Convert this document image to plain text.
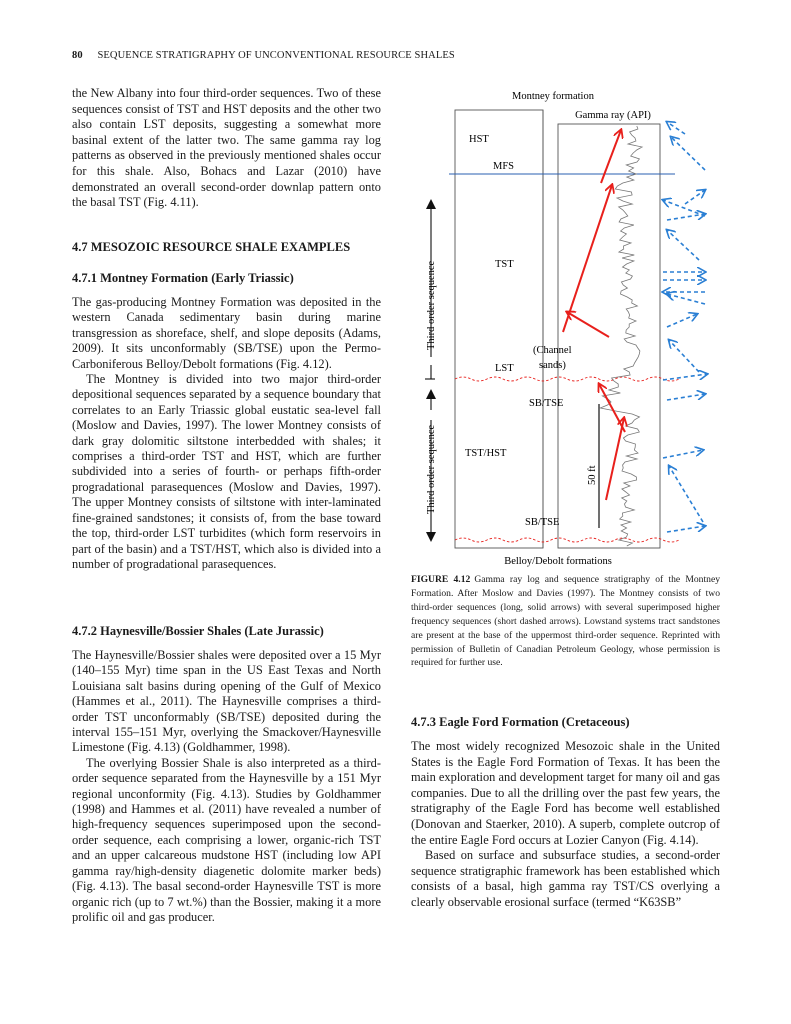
80 SEQUENCE STRATIGRAPHY OF UNCONVENTIONAL RESOURCE SHALES

the New Albany into four third-order sequences. Two of these sequences consist of TST and HST deposits and the other two also contain LST deposits, suggesting a somewhat more basinal extent of the latter two. The same gamma ray log patterns as observed in the previously mentioned shales occur for this shale. Also, Bohacs and Lazar (2010) have demonstrated an overall second-order downlap pattern onto the basal TST (Fig. 4.11).

4.7 MESOZOIC RESOURCE SHALE EXAMPLES
4.7.1 Montney Formation (Early Triassic)

The gas-producing Montney Formation was deposited in the western Canada sedimentary basin during marine transgression as shoreface, shelf, and slope deposits (Adams, 2009). It sits unconformably (SB/TSE) upon the Permo-Carboniferous Belloy/Debolt formations (Fig. 4.12).

The Montney is divided into two major third-order depositional sequences separated by a sequence boundary that correlates to an Early Triassic global eustatic sea-level fall (Moslow and Davies, 1997). The lower Montney consists of dark gray dolomitic siltstone interbedded with shales; it comprises a third-order TST and HST, which are further subdivided into a series of fourth- or perhaps fifth-order progradational parasequences (Moslow and Davies, 1997). The upper Montney consists of siltstone with inter-laminated fine-grained sandstones; it consists of, from the base toward the top, third-order LST turbidites (which form reservoirs in part of the basin) and a TST/HST, which also is divided into a number of progradational parasequences.

4.7.2 Haynesville/Bossier Shales (Late Jurassic)

The Haynesville/Bossier shales were deposited over a 15 Myr (140–155 Myr) time span in the US East Texas and North Louisiana salt basins during opening of the Gulf of Mexico (Hammes et al., 2011). The Haynesville comprises a third-order TST unconformably (SB/TSE) deposited during the interval 155–151 Myr, overlying the Smackover/Haynesville Limestone (Fig. 4.13) (Goldhammer, 1998).

The overlying Bossier Shale is also interpreted as a third-order sequence separated from the Haynesville by a 151 Myr regional unconformity (Fig. 4.13). Studies by Goldhammer (1998) and Hammes et al. (2011) have revealed a number of high-frequency sequences superimposed upon the second-order sequence, each comprising a lower, organic-rich TST and an upper calcareous mudstone HST (including low API gamma ray/high-density diagenetic dolomite marker beds) (Fig. 4.13). The basal second-order Haynesville TST is more organic rich (up to 7 wt.%) than the Bossier, making it a more prolific oil and gas producer.

Montney formation
Gamma ray (API)
HST
MFS
TST
LST
(Channel
sands)
SB/TSE
TST/HST
SB/TSE
Belloy/Debolt formations
Third order sequence
Third order sequence	50 ft
FIGURE 4.12 Gamma ray log and sequence stratigraphy of the Montney Formation. After Moslow and Davies (1997). The Montney consists of two third-order sequences (long, solid arrows) with several superimposed higher frequency sequences (short dashed arrows). Lowstand systems tract sandstones are present at the base of the uppermost third-order sequence. Reprinted with permission of Bulletin of Canadian Petroleum Geology, whose permission is required for further use.
4.7.3 Eagle Ford Formation (Cretaceous)

The most widely recognized Mesozoic shale in the United States is the Eagle Ford Formation of Texas. It has been the main exploration and development target for many oil and gas companies. Due to all the drilling over the past few years, the stratigraphy of the Eagle Ford has become well established (Donovan and Staerker, 2010). A superb, complete outcrop of the entire Eagle Ford occurs at Lozier Canyon (Fig. 4.14).

Based on surface and subsurface studies, a second-order sequence stratigraphic framework has been established which consists of a basal, high gamma ray TST/CS overlying a clearly observable erosional surface (termed “K63SB”
